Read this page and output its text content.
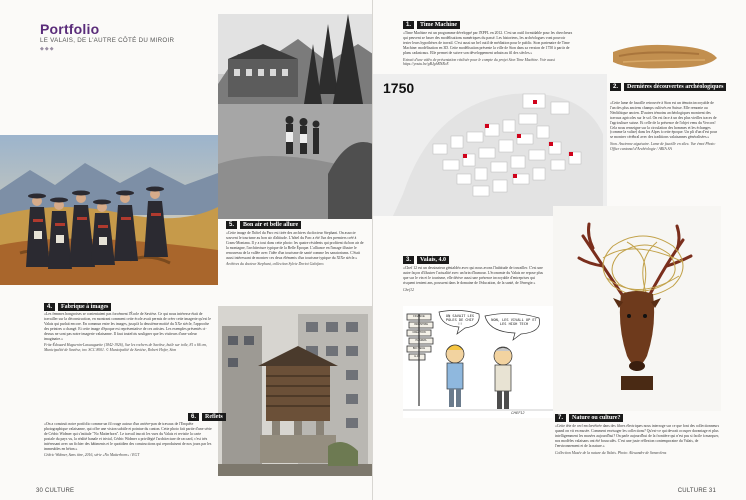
Portfolio
LE VALAIS, DE L'AUTRE CÔTÉ DU MIROIR
◆◆◆
5.	Bon air et belle allure
«Cette image de l'hôtel du Parc est tirée des archives du docteur Stephani. On associe souvent le tourisme au bon air d'altitude. L'hôtel du Parc a été l'un des premiers créé à Crans-Montana. Il y a tout dans cette photo: les quatre résidents qui profitent du bon air de la montagne, l'architecture typique de la Belle Époque. L'alliance en l'image illustre le renouveau de la vallée avec l'idée d'un tourisme de santé comme les sanatoriums. C'était aussi intéressant de montrer ces deux éléments d'un tourisme typique du XIXe siècle.»
Archives du docteur Stephani, collection Sylvie Doriot Galofaro.
4.	Fabrique à images
«Les femmes hongroises se contentaient pas forcément l'École de Savièse. Ce qui nous intéresse était de travailler sur la déconstruction, en montrant comment cette école avait permis de créer cette imagerie qu'est le Valais qui parlait encore. En commun entre les images, jusqu'à la deuxième moitié du XXe siècle, l'approche des peintres a changé. Et cette image d'époque est représentative de ces artistes. Les exemples présentés ci-dessus ne sont pas notre imagerie valaisanne. Il faut toutefois souligner que les visiteurs d'une valeur imaginaire.»
Fritz-Édouard Huguenin-Lassauguette (1842-1926), Sur les rochers de Savièse, huile sur toile, 81 x 66 cm, Municipalité de Savièse, inv. SCC 8001. © Municipalité de Savièse, Robert Hofer, Sion
6.	Reflets
«On a construit notre portfolio comme un fil rouge autour d'un arrière-pan de travaux de l'Enquête photographique valaisanne, qui offre une vision subtile et pointue du canton. Cette photo fait partie d'une série de Cédric Widmer qui s'intitule "No Matterhorn". Le travail inscrit les vues du Valais et revisite la carte postale du pays vu, la réalité banale et trivial, Cédric Widmer a privilégié l'architecture de raccard, c'est très intéressant avec un fichier des bâtiments et le quotidien des constructions qui reproduisent de nos jours par les immeubles en béton.»
Cédric Widmer, Sans titre, 2016, série «No Matterhorn» / EGT
30 CULTURE
1.	Time Machine
«Time Machine est un programme développé par l'EPFL en 2012. C'est un outil formidable pour les chercheurs qui peuvent se baser des modélisations numériques du passé. Les historiens, les archéologues vont pouvoir tester leurs hypothèses de travail. C'est aussi un bel outil de médiation pour le public. Sion partenaire de Time Machine: modélisation en 3D. Cette modélisation présente la ville de Sion dans sa version de 1750 à partir de plans cadastraux. Elle permet de suivre son développement urbain au fil des siècles.»
Extrait d'une vidéo de présentation réalisée pour le compte du projet Sion Time Machine. Voir aussi https://youtu.be/gBJghRNRcE
1750	2.	Dernières découvertes archéologiques
«Cette lame de faucille retrouvée à Sion est un témoin incroyable de l'un des plus anciens champs cultivés en Suisse. Elle remonte au Néolithique ancien. D'autres témoins archéologiques montrent des travaux agricoles sur le sol. On est face à un des plus vieilles traces de l'agriculture suisse. Et celle de la présence de l'objet venu du Vercors! Cela nous renseigne sur la circulation des hommes et les échanges (comme la valise) dans les Alpes à cette époque. Un pli d'un d'est pour se montrer cérébral avec des traditions valaisannes généralisées.»
Sion. Ancienne aiguisaire. Lame de faucille en silex. Vue émoi Photo: Office cantonal d'Archéologie / ARIA SA
3.	Valais, 4.0
«Chef 12 est un dessinateur génialdéo avec qui nous avons l'habitude de travailler. C'est une autre façon d'illustrer l'actualité avec un brin d'humour. L'économie du Valais ne repose plus que sur le vin et le tourisme, elle dérive aussi une présence incroyable d'entreprises qui risquent tentent ans, poussent dans le domaine de l'éducation, de la santé, de l'énergie.»
Chef12
ON SAVAIT LES PÔLES DE CHIF !!
NON, LES VIVALL UP ET LES HIGH TECH
FINANCE
INDUSTRIE
CRÉATION
PHARMA
BIO TECH
H-30
CHEF12
7.	Nature ou culture?
«Cette tête de cerf enchevêtrée dans des fibres électriques nous interroge sur ce que font des collectionneurs quand on vit en musée. Comment envisager les collections? Qu'est-ce qui devrait occuper davantage et plus intelligemment les musées aujourd'hui? On parle aujourd'hui de la frontière qui n'est pas si facile à marquer, nos modèles valaisans ont été bousculés. C'est une juste réflexion contemporaine du Valais, de l'environnement et de la nature.»
Collection Musée de la nature du Valais. Photo: Alexandre de Senarclens
CULTURE 31
